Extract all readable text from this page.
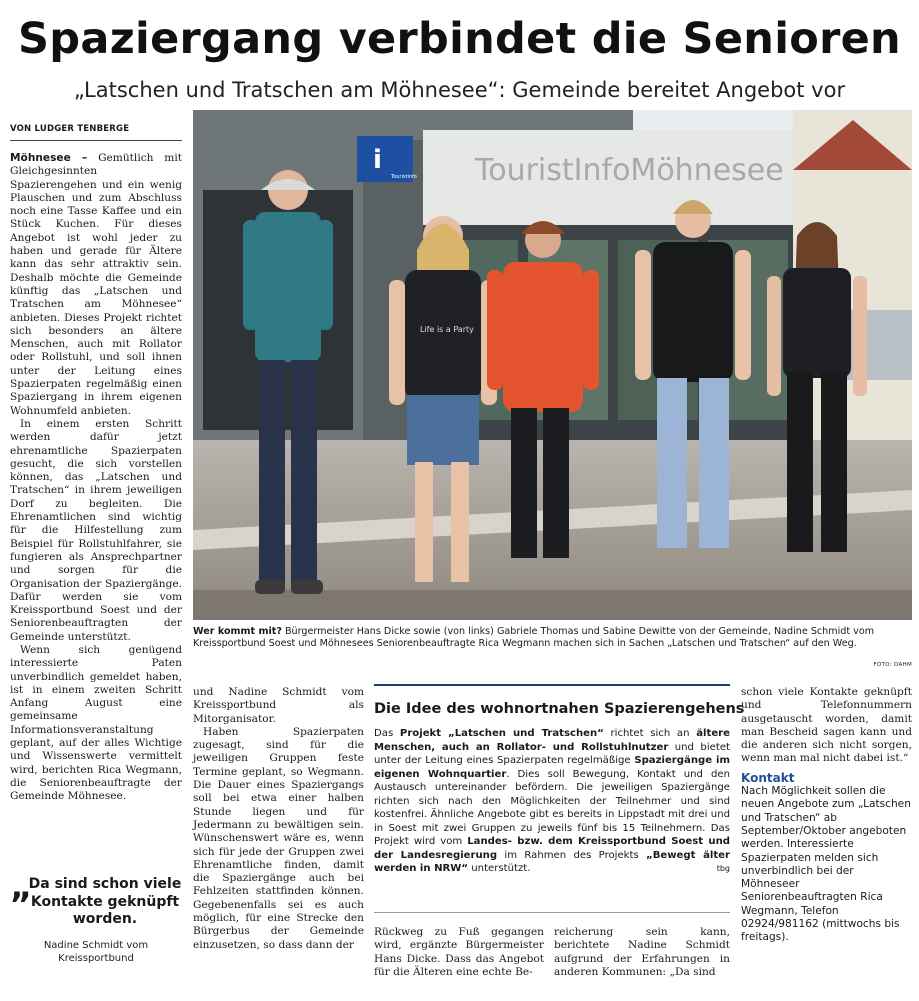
Spaziergang verbindet die Senioren
„Latschen und Tratschen am Möhnesee“: Gemeinde bereitet Angebot vor
VON LUDGER TENBERGE

Möhnesee – Gemütlich mit Gleichgesinnten Spazierengehen und ein wenig Plauschen und zum Abschluss noch eine Tasse Kaffee und ein Stück Kuchen. Für dieses Angebot ist wohl jeder zu haben und gerade für Ältere kann das sehr attraktiv sein. Deshalb möchte die Gemeinde künftig das „Latschen und Tratschen am Möhnesee“ anbieten. Dieses Projekt richtet sich besonders an ältere Menschen, auch mit Rollator oder Rollstuhl, und soll ihnen unter der Leitung eines Spazierpaten regelmäßig einen Spaziergang in ihrem eigenen Wohnumfeld anbieten.

In einem ersten Schritt werden dafür jetzt ehrenamtliche Spazierpaten gesucht, die sich vorstellen können, das „Latschen und Tratschen“ in ihrem jeweiligen Dorf zu begleiten. Die Ehrenamtlichen sind wichtig für die Hilfestellung zum Beispiel für Rollstuhlfahrer, sie fungieren als Ansprechpartner und sorgen für die Organisation der Spaziergänge. Dafür werden sie vom Kreissportbund Soest und der Seniorenbeauftragten der Gemeinde unterstützt.

Wenn sich genügend interessierte Paten unverbindlich gemeldet haben, ist in einem zweiten Schritt Anfang August eine gemeinsame Informationsveranstaltung geplant, auf der alles Wichtige und Wissenswerte vermittelt wird, berichten Rica Wegmann, die Seniorenbeauftragte der Gemeinde Möhnesee.

„
Da sind schon viele Kontakte geknüpft worden.
Nadine Schmidt vom Kreissportbund
i
Touristinfo TouristInfoMöhnesee
Life is a Party
Wer kommt mit? Bürgermeister Hans Dicke sowie (von links) Gabriele Thomas und Sabine Dewitte von der Gemeinde, Nadine Schmidt vom Kreissportbund Soest und Möhnesees Seniorenbeauftragte Rica Wegmann machen sich in Sachen „Latschen und Tratschen“ auf den Weg.
FOTO: DAHM

und Nadine Schmidt vom Kreissportbund als Mitorganisator.

Haben Spazierpaten zugesagt, sind für die jeweiligen Gruppen feste Termine geplant, so Wegmann. Die Dauer eines Spaziergangs soll bei etwa einer halben Stunde liegen und für Jedermann zu bewältigen sein. Wünschenswert wäre es, wenn sich für jede der Gruppen zwei Ehrenamtliche finden, damit die Spaziergänge auch bei Fehlzeiten stattfinden können. Gegebenenfalls sei es auch möglich, für eine Strecke den Bürgerbus der Gemeinde einzusetzen, so dass dann der

Die Idee des wohnortnahen Spazierengehens
Das Projekt „Latschen und Tratschen“ richtet sich an ältere Menschen, auch an Rollator- und Rollstuhlnutzer und bietet unter der Leitung eines Spazierpaten regelmäßige Spaziergänge im eigenen Wohnquartier. Dies soll Bewegung, Kontakt und den Austausch untereinander befördern. Die jeweiligen Spaziergänge richten sich nach den Möglichkeiten der Teilnehmer und sind kostenfrei. Ähnliche Angebote gibt es bereits in Lippstadt mit drei und in Soest mit zwei Gruppen zu jeweils fünf bis 15 Teilnehmern. Das Projekt wird vom Landes- bzw. dem Kreissportbund Soest und der Landesregierung im Rahmen des Projekts „Bewegt älter werden in NRW“ unterstützt.	tbg

Rückweg zu Fuß gegangen wird, ergänzte Bürgermeister Hans Dicke. Dass das Angebot für die Älteren eine echte Be-

reicherung sein kann, berichtete Nadine Schmidt aufgrund der Erfahrungen in anderen Kommunen: „Da sind

schon viele Kontakte geknüpft und Telefonnummern ausgetauscht worden, damit man Bescheid sagen kann und die anderen sich nicht sorgen, wenn man mal nicht dabei ist.“

Kontakt

Nach Möglichkeit sollen die neuen Angebote zum „Latschen und Tratschen“ ab September/Oktober angeboten werden. Interessierte Spazierpaten melden sich unverbindlich bei der Möhneseer Seniorenbeauftragten Rica Wegmann, Telefon 02924/981162 (mittwochs bis freitags).
